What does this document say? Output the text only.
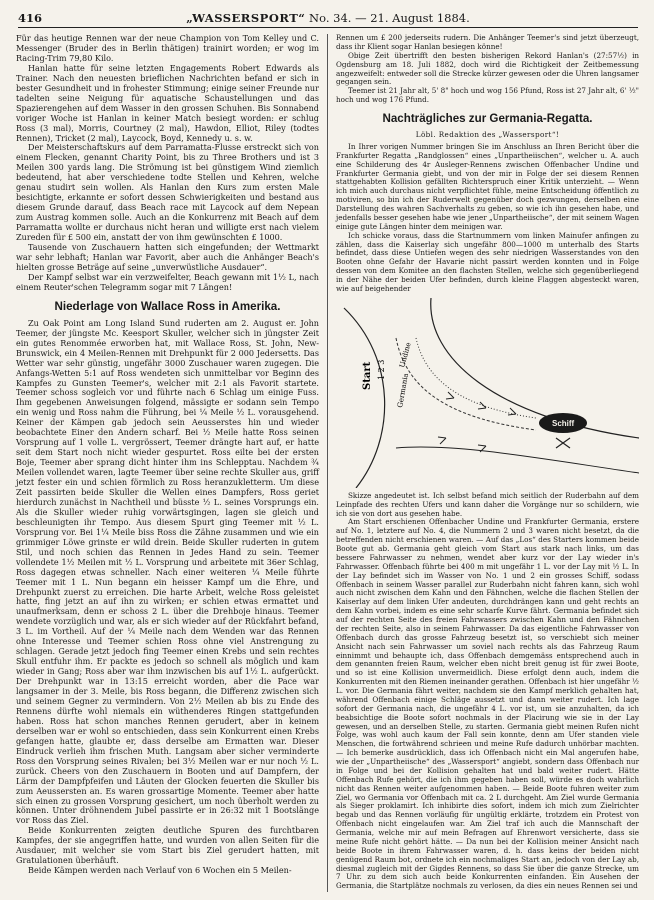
416	„WASSERSPORT“ No. 34. — 21. August 1884.

Für das heutige Rennen war der neue Champion von Tom Kelley und C. Messenger (Bruder des in Berlin thätigen) trainirt worden; er wog im Racing-Trim 79,80 Kilo.

Hanlan hatte für seine letzten Engagements Robert Edwards als Trainer. Nach den neuesten brieflichen Nachrichten befand er sich in bester Gesundheit und in frohester Stimmung; einige seiner Freunde nur tadelten seine Neigung für aquatische Schaustellungen und das Spazierengehen auf dem Wasser in den grossen Schuhen. Bis Sonnabend voriger Woche ist Hanlan in keiner Match besiegt worden: er schlug Ross (3 mal), Morris, Courtney (2 mal), Hawdon, Elliot, Riley (todtes Rennen), Tricket (2 mal), Laycock, Boyd, Kennedy u. s. w.

Der Meisterschaftskurs auf dem Parramatta-Flusse erstreckt sich von einem Flecken, genannt Charity Point, bis zu Three Brothers und ist 3 Meilen 300 yards lang. Die Strömung ist bei günstigem Wind ziemlich bedeutend, hat aber verschiedene todte Stellen und Kehren, welche genau studirt sein wollen. Als Hanlan den Kurs zum ersten Male besichtigte, erkannte er sofort dessen Schwierigkeiten und bestand aus diesem Grunde darauf, dass Beach race mit Laycock auf dem Nepean zum Austrag kommen solle. Auch an die Konkurrenz mit Beach auf dem Parramatta wollte er durchaus nicht heran und willigte erst nach vielem Zureden für £ 500 ein, anstatt der von ihm gewünschten £ 1000.

Tausende von Zuschauern hatten sich eingefunden; der Wettmarkt war sehr lebhaft; Hanlan war Favorit, aber auch die Anhänger Beach's hielten grosse Beträge auf seine „unverwüstliche Ausdauer“.

Der Kampf selbst war ein verzweifelter, Beach gewann mit 1½ L, nach einem Reuter'schen Telegramm sogar mit 7 Längen!

Niederlage von Wallace Ross in Amerika.

Zu Oak Point am Long Island Sund ruderten am 2. August er. John Teemer, der jüngste Mc. Keesport Skuller, welcher sich in jüngster Zeit ein gutes Renommée erworben hat, mit Wallace Ross, St. John, New-Brunswick, ein 4 Meilen-Rennen mit Drehpunkt für 2 000 Jedersetts. Das Wetter war sehr günstig, ungefähr 3000 Zuschauer waren zugegen. Die Anfangs-Wetten 5:1 auf Ross wendeten sich unmittelbar vor Beginn des Kampfes zu Gunsten Teemer's, welcher mit 2:1 als Favorit startete. Teemer schoss sogleich vor und führte nach 6 Schlag um einige Fuss. Ihm gegebenen Anweisungen folgend, mässigte er sodann sein Tempo ein wenig und Ross nahm die Führung, bei ¼ Meile ½ L. vorausgehend. Keiner der Kämpen gab jedoch sein Aeusserstes hin und wieder beobachtete Einer den Andern scharf. Bei ½ Meile hatte Ross seinen Vorsprung auf 1 volle L. vergrössert, Teemer drängte hart auf, er hatte seit dem Start noch nicht wieder gespurtet. Ross eilte bei der ersten Boje, Teemer aber sprang dicht hinter ihm ins Schlepptau. Nachdem ¾ Meilen vollendet waren, lagte Teemer über seine rechte Skuller aus, griff jetzt fester ein und schien förmlich zu Ross heranzukletterm. Um diese Zeit passirten beide Skuller die Wellen eines Dampfers, Ross geriet hierdurch zunächst in Nachtheil und büsste ½ L. seines Vorsprungs ein. Als die Skuller wieder ruhig vorwärtsgingen, lagen sie gleich und beschleunigten ihr Tempo. Aus diesem Spurt ging Teemer mit ½ L. Vorsprung vor. Bei 1¼ Meile biss Ross die Zähne zusammen und wie ein grimmiger Löwe grinste er wild drein. Beide Skuller ruderten in gutem Stil, und noch schien das Rennen in Jedes Hand zu sein. Teemer vollendete 1½ Meilen mit ½ L. Vorsprung und arbeitete mit 36er Schlag, Ross dagegen etwas schneller. Nach einer weiteren ¼ Meile führte Teemer mit 1 L. Nun begann ein heisser Kampf um die Ehre, und Drehpunkt zuerst zu erreichen. Die harte Arbeit, welche Ross geleistet hatte, fing jetzt an auf ihn zu wirken; er schien etwas ermattet und unaufmerksam, denn er schoss 2 L. über die Drehboje hinaus. Teemer wendete vorzüglich und war, als er sich wieder auf der Rückfahrt befand, 3 L. im Vortheil. Auf der ¼ Meile nach dem Wenden war das Rennen ohne Interesse und Teemer schien Ross ohne viel Anstrengung zu schlagen. Gerade jetzt jedoch fing Teemer einen Krebs und sein rechtes Skull entfuhr ihm. Er packte es jedoch so schnell als möglich und kam wieder in Gang; Ross aber war ihm inzwischen bis auf 1½ L. aufgerückt. Der Drehpunkt war in 13:15 erreicht worden, aber die Pace war langsamer in der 3. Meile, bis Ross begann, die Differenz zwischen sich und seinem Gegner zu vermindern. Von 2½ Meilen ab bis zu Ende des Rennens dürfte wohl niemals ein wüthenderes Ringen stattgefunden haben. Ross hat schon manches Rennen gerudert, aber in keinem derselben war er wohl so entschieden, dass sein Konkurrent einen Krebs gefangen hatte, glaubte er, dass derselbe am Ermatten war. Dieser Eindruck verlieh ihm frischen Muth. Langsam aber sicher verminderte Ross den Vorsprung seines Rivalen; bei 3½ Meilen war er nur noch ½ L. zurück. Cheers von den Zuschauern in Booten und auf Dampfern, der Lärm der Dampfpfeifen und Läuten der Glocken feuerten die Skuller bis zum Aeussersten an. Es waren grossartige Momente. Teemer aber hatte sich einen zu grossen Vorsprung gesichert, um noch überholt werden zu können. Unter dröhnendem Jubel passirte er in 26:32 mit 1 Bootslänge vor Ross das Ziel.

Beide Konkurrenten zeigten deutliche Spuren des furchtbaren Kampfes, der sie angegriffen hatte, und wurden von allen Seiten für die Ausdauer, mit welcher sie vom Start bis Ziel gerudert hatten, mit Gratulationen überhäuft.

Beide Kämpen werden nach Verlauf von 6 Wochen ein 5 Meilen-

Rennen um £ 200 jederseits rudern. Die Anhänger Teemer's sind jetzt überzeugt, dass ihr Klient sogar Hanlan besiegen könne!

Obige Zeit übertrifft den besten bisherigen Rekord Hanlan's (27:57½) in Ogdensburg am 18. Juli 1882, doch wird die Richtigkeit der Zeitbemessung angezweifelt: entweder soll die Strecke kürzer gewesen oder die Uhren langsamer gegangen sein.

Teemer ist 21 Jahr alt, 5' 8" hoch und wog 156 Pfund, Ross ist 27 Jahr alt, 6' ½" hoch und wog 176 Pfund.

Nachträgliches zur Germania-Regatta.

Löbl. Redaktion des „Wassersport“!

In Ihrer vorigen Nummer bringen Sie im Anschluss an Ihren Bericht über die Frankfurter Regatta „Randglossen“ eines „Unpartheiischen“, welcher u. A. auch eine Schilderung des 4r Ausleger-Rennens zwischen Offenbacher Undine und Frankfurter Germania giebt, und von der mir in Folge der sei diesem Rennen stattgehabten Kollision gefällten Richterspruch einer Kritik unterzieht. — Wenn ich mich auch durchaus nicht verpflichtet fühle, meine Entscheidung öffentlich zu motiviren, so bin ich der Ruderwelt gegenüber doch gezwungen, derselben eine Darstellung des wahren Sachverhalts zu geben, so wie ich ihn gesehen habe, und jedenfalls besser gesehen habe wie jener „Unpartheiische“, der mit seinem Wagen einige gute Längen hinter dem meinigen war.

Ich schicke voraus, dass die Startnummern vom linken Mainufer anfingen zu zählen, dass die Kaiserlay sich ungefähr 800—1000 m unterhalb des Starts befindet, dass diese Untiefen wegen des sehr niedrigen Wasserstandes von den Booten ohne Gefahr der Havarie nicht passirt werden konnten und in Folge dessen von dem Komitee an den flachsten Stellen, welche sich gegenüberliegend in der Nähe der beiden Ufer befinden, durch kleine Flaggen abgesteckt waren, wie auf beigehender

Schiff
Start 1 2 3
Undine
Germania

Skizze angedeutet ist. Ich selbst befand mich seitlich der Ruderbahn auf dem Leinpfade des rechten Ufers und kann daher die Vorgänge nur so schildern, wie ich sie von dort aus gesehen habe.

Am Start erschienen Offenbacher Undine und Frankfurter Germania, erstere auf No. 1, letztere auf No. 4, die Nummern 2 und 3 waren nicht besetzt, da die betreffenden nicht erschienen waren. — Auf das „Los“ des Starters kommen beide Boote gut ab. Germania geht gleich vom Start aus stark nach links, um das bessere Fahrwasser zu nehmen, wendet aber kurz vor der Lay wieder in's Fahrwasser. Offenbach führte bei 400 m mit ungefähr 1 L. vor der Lay mit ½ L. In der Lay befindet sich im Wasser von No. 1 und 2 ein grosses Schiff, sodass Offenbach in seinem Wasser parallel zur Ruderbahn nicht fahren kann, sich wohl auch nicht zwischen dem Kahn und den Fähnchen, welche die flachen Stellen der Kaiserlay auf dem linken Ufer andeuten, durchdrängen kann und geht rechts an dem Kahn vorbei, indem es eine sehr scharfe Kurve fährt. Germania befindet sich auf der rechten Seite des freien Fahrwassers zwischen Kahn und den Fähnchen der rechten Seite, also in seinem Fahrwasser. Da das eigentliche Fahrwasser von Offenbach durch das grosse Fahrzeug besetzt ist, so verschiebt sich meiner Ansicht nach sein Fahrwasser um soviel nach rechts als das Fahrzeug Raum einnimmt und behaupte ich, dass Offenbach demgemäss entsprechend auch in dem genannten freien Raum, welcher eben nicht breit genug ist für zwei Boote, und so ist eine Kollision unvermeidlich. Diese erfolgt denn auch, indem die Konkurrenten mit den Riemen ineinander gerathen. Offenbach ist hier ungefähr ½ L. vor. Die Germania fährt weiter, nachdem sie den Kampf merklich gehalten hat, während Offenbach einige Schläge aussetzt und dann weiter rudert. Ich lage sofort der Germania nach, die ungefähr 4 L. vor ist, um sie anzuhalten, da ich beabsichtige die Boote sofort nochmals in der Placirung wie sie in der Lay gewesen, und an derselben Stelle, zu starten. Germania giebt meinen Rufen nicht Folge, was wohl auch kaum der Fall sein konnte, denn am Ufer standen viele Menschen, die fortwährend schrieen und meine Rufe dadurch unhörbar machten. — Ich bemerke ausdrücklich, dass ich Offenbach nicht ein Mal angerufen habe, wie der „Unpartheiische“ des „Wassersport“ angiebt, sondern dass Offenbach nur in Folge und bei der Kollision gehalten hat und bald weiter rudert. Hätte Offenbach Rufe gehört, die ich ihm gegeben haben soll, würde es doch wahrlich nicht das Rennen weiter aufgenommen haben. — Beide Boote fuhren weiter zum Ziel, wo Germania vor Offenbach mit ca. 2 L durchgeht. Am Ziel wurde Germania als Sieger proklamirt. Ich inhibirte dies sofort, indem ich mich zum Zielrichter begab und das Rennen vorläufig für ungültig erklärte, trotzdem ein Protest von Offenbach nicht eingelaufen war. Am Ziel traf ich auch die Mannschaft der Germania, welche mir auf mein Befragen auf Ehrenwort versicherte, dass sie meine Rufe nicht gehört hätte. — Da nun bei der Kollision meiner Ansicht nach beide Boote in ihrem Fahrwasser waren, d. h. dass keins der beiden nicht genügend Raum bot, ordnete ich ein nochmaliges Start an, jedoch von der Lay ab, diesmal zugleich mit der Gigdes Rennens, so dass Sie über die ganze Strecke, um 7 Uhr. zu dem sich auch beide Konkurrenten einfanden. Ein Ausehen der Germania, die Startplätze nochmals zu verlosen, da dies ein neues Rennen sei und
